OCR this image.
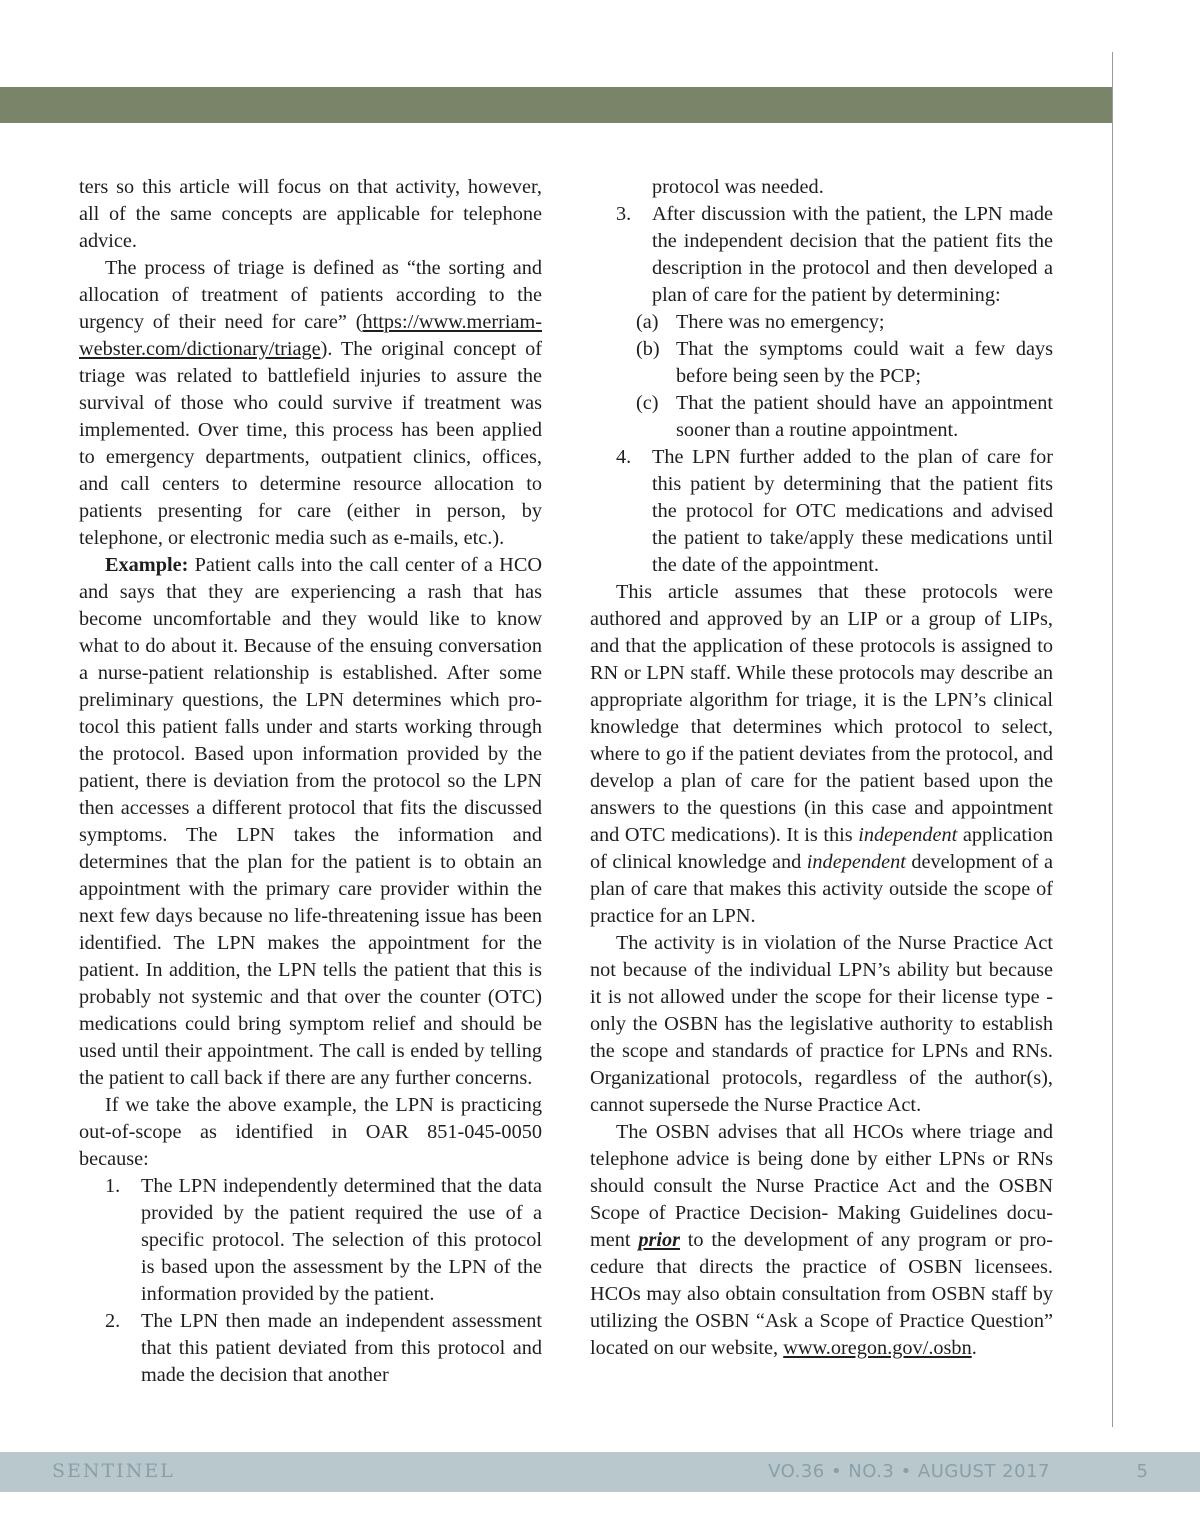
ters so this article will focus on that activity, however, all of the same concepts are applicable for telephone advice.

The process of triage is defined as “the sorting and allocation of treatment of patients according to the urgency of their need for care” (https://www.merriam-webster.com/dictionary/triage). The original concept of triage was related to battlefield injuries to assure the survival of those who could survive if treatment was implemented. Over time, this process has been applied to emergency departments, outpatient clinics, offices, and call centers to determine resource allocation to patients presenting for care (either in person, by telephone, or electronic media such as e-mails, etc.).

Example: Patient calls into the call center of a HCO and says that they are experiencing a rash that has become uncomfortable and they would like to know what to do about it. Because of the ensuing conversation a nurse-patient relationship is established. After some preliminary questions, the LPN determines which protocol this patient falls under and starts working through the protocol. Based upon information provided by the patient, there is deviation from the protocol so the LPN then accesses a different protocol that fits the discussed symptoms. The LPN takes the information and determines that the plan for the patient is to obtain an appointment with the primary care provider within the next few days because no life-threatening issue has been identified. The LPN makes the appointment for the patient. In addition, the LPN tells the patient that this is probably not systemic and that over the counter (OTC) medications could bring symptom relief and should be used until their appointment. The call is ended by telling the patient to call back if there are any further concerns.

If we take the above example, the LPN is practicing out-of-scope as identified in OAR 851-045-0050 because:

1. The LPN independently determined that the data provided by the patient required the use of a specific protocol. The selection of this protocol is based upon the assessment by the LPN of the information provided by the patient.
2. The LPN then made an independent assessment that this patient deviated from this protocol and made the decision that another
protocol was needed.
3. After discussion with the patient, the LPN made the independent decision that the patient fits the description in the protocol and then developed a plan of care for the patient by determining:
(a) There was no emergency;
(b) That the symptoms could wait a few days before being seen by the PCP;
(c) That the patient should have an appointment sooner than a routine appointment.
4. The LPN further added to the plan of care for this patient by determining that the patient fits the protocol for OTC medications and advised the patient to take/apply these medications until the date of the appointment.

This article assumes that these protocols were authored and approved by an LIP or a group of LIPs, and that the application of these protocols is assigned to RN or LPN staff. While these protocols may describe an appropriate algorithm for triage, it is the LPN’s clinical knowledge that determines which protocol to select, where to go if the patient deviates from the protocol, and develop a plan of care for the patient based upon the answers to the questions (in this case and appointment and OTC medications). It is this independent application of clinical knowledge and independent development of a plan of care that makes this activity outside the scope of practice for an LPN.

The activity is in violation of the Nurse Practice Act not because of the individual LPN’s ability but because it is not allowed under the scope for their license type - only the OSBN has the legislative authority to establish the scope and standards of practice for LPNs and RNs. Organizational protocols, regardless of the author(s), cannot supersede the Nurse Practice Act.

The OSBN advises that all HCOs where triage and telephone advice is being done by either LPNs or RNs should consult the Nurse Practice Act and the OSBN Scope of Practice Decision- Making Guidelines document prior to the development of any program or procedure that directs the practice of OSBN licensees. HCOs may also obtain consultation from OSBN staff by utilizing the OSBN “Ask a Scope of Practice Question” located on our website, www.oregon.gov/.osbn.

SENTINEL	VO.36 • NO.3 • AUGUST 2017	5
